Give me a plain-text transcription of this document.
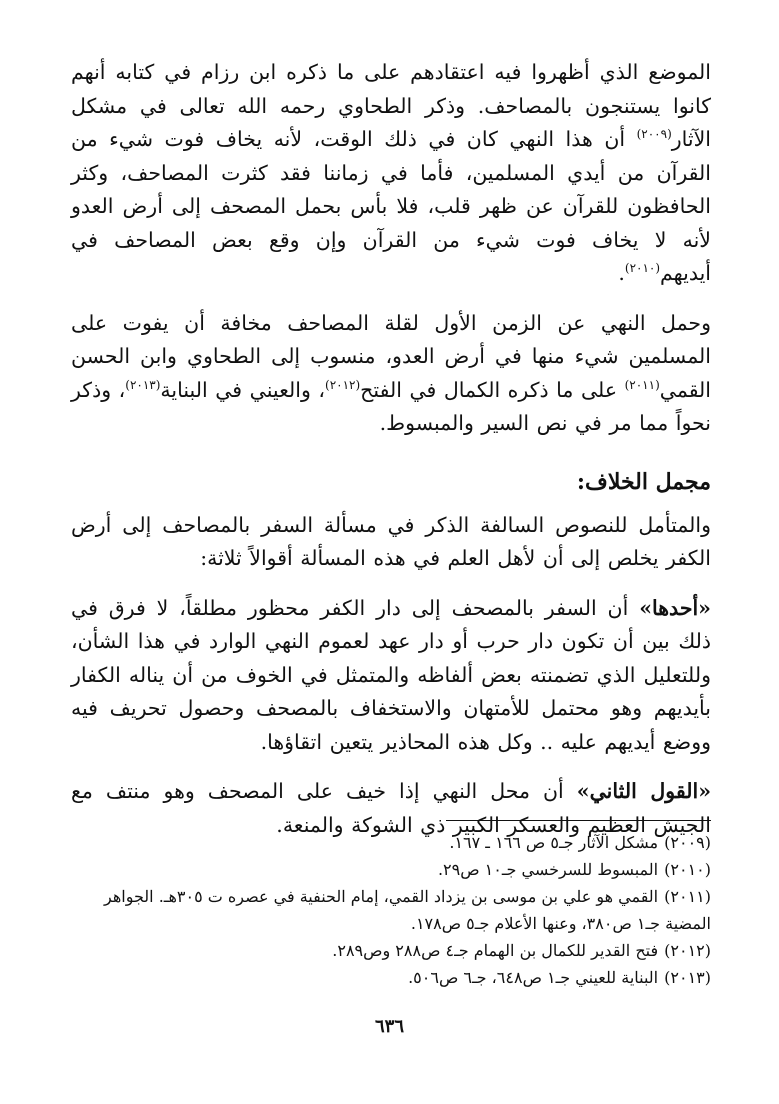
الموضع الذي أظهروا فيه اعتقادهم على ما ذكره ابن رزام في كتابه أنهم كانوا يستنجون بالمصاحف. وذكر الطحاوي رحمه الله تعالى في مشكل الآثار$^{(٢٠٠٩)}$ أن هذا النهي كان في ذلك الوقت، لأنه يخاف فوت شيء من القرآن من أيدي المسلمين، فأما في زماننا فقد كثرت المصاحف، وكثر الحافظون للقرآن عن ظهر قلب، فلا بأس بحمل المصحف إلى أرض العدو لأنه لا يخاف فوت شيء من القرآن وإن وقع بعض المصاحف في أيديهم$^{(٢٠١٠)}$.

وحمل النهي عن الزمن الأول لقلة المصاحف مخافة أن يفوت على المسلمين شيء منها في أرض العدو، منسوب إلى الطحاوي وابن الحسن القمي$^{(٢٠١١)}$ على ما ذكره الكمال في الفتح$^{(٢٠١٢)}$، والعيني في البناية$^{(٢٠١٣)}$، وذكر نحواً مما مر في نص السير والمبسوط.

مجمل الخلاف:

والمتأمل للنصوص السالفة الذكر في مسألة السفر بالمصاحف إلى أرض الكفر يخلص إلى أن لأهل العلم في هذه المسألة أقوالاً ثلاثة:

«أحدها» أن السفر بالمصحف إلى دار الكفر محظور مطلقاً، لا فرق في ذلك بين أن تكون دار حرب أو دار عهد لعموم النهي الوارد في هذا الشأن، وللتعليل الذي تضمنته بعض ألفاظه والمتمثل في الخوف من أن يناله الكفار بأيديهم وهو محتمل للأمتهان والاستخفاف بالمصحف وحصول تحريف فيه ووضع أيديهم عليه .. وكل هذه المحاذير يتعين اتقاؤها.

«القول الثاني» أن محل النهي إذا خيف على المصحف وهو منتف مع الجيش العظيم والعسكر الكبير ذي الشوكة والمنعة.

(٢٠٠٩)مشكل الآثار جـ٥ ص ١٦٦ ـ ١٦٧.

(٢٠١٠)المبسوط للسرخسي جـ١٠ ص٢٩.

(٢٠١١)القمي هو علي بن موسى بن يزداد القمي، إمام الحنفية في عصره ت ٣٠٥هـ. الجواهر المضية جـ١ ص٣٨٠، وعنها الأعلام جـ٥ ص١٧٨.

(٢٠١٢)فتح القدير للكمال بن الهمام جـ٤ ص٢٨٨ وص٢٨٩.

(٢٠١٣)البناية للعيني جـ١ ص٦٤٨، جـ٦ ص٥٠٦.

٦٣٦
